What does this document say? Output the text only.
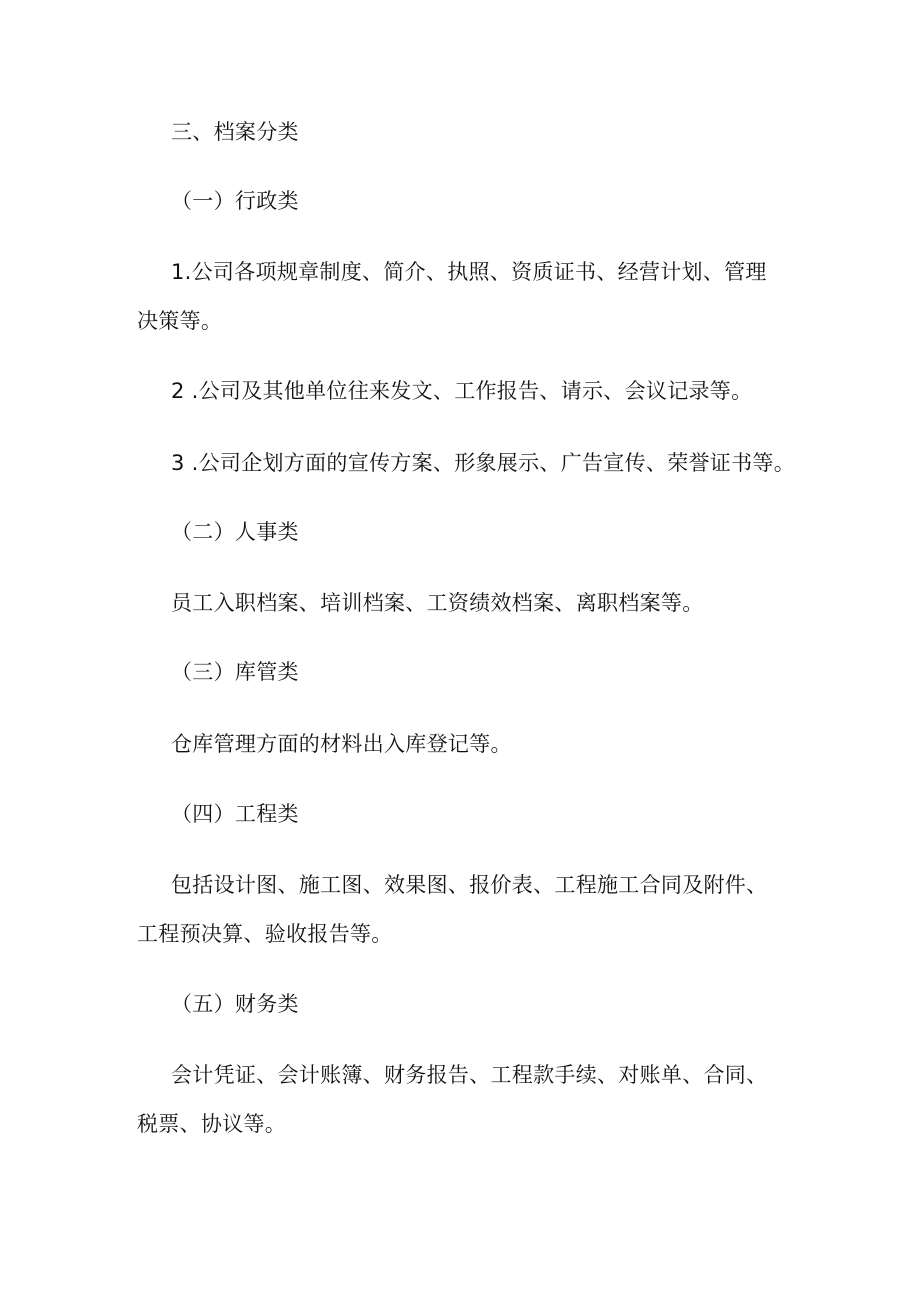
三、档案分类
（一）行政类
1.公司各项规章制度、简介、执照、资质证书、经营计划、管理决策等。
2 .公司及其他单位往来发文、工作报告、请示、会议记录等。
3 .公司企划方面的宣传方案、形象展示、广告宣传、荣誉证书等。
（二）人事类
员工入职档案、培训档案、工资绩效档案、离职档案等。
（三）库管类
仓库管理方面的材料出入库登记等。
（四）工程类
包括设计图、施工图、效果图、报价表、工程施工合同及附件、工程预决算、验收报告等。
（五）财务类
会计凭证、会计账簿、财务报告、工程款手续、对账单、合同、税票、协议等。
